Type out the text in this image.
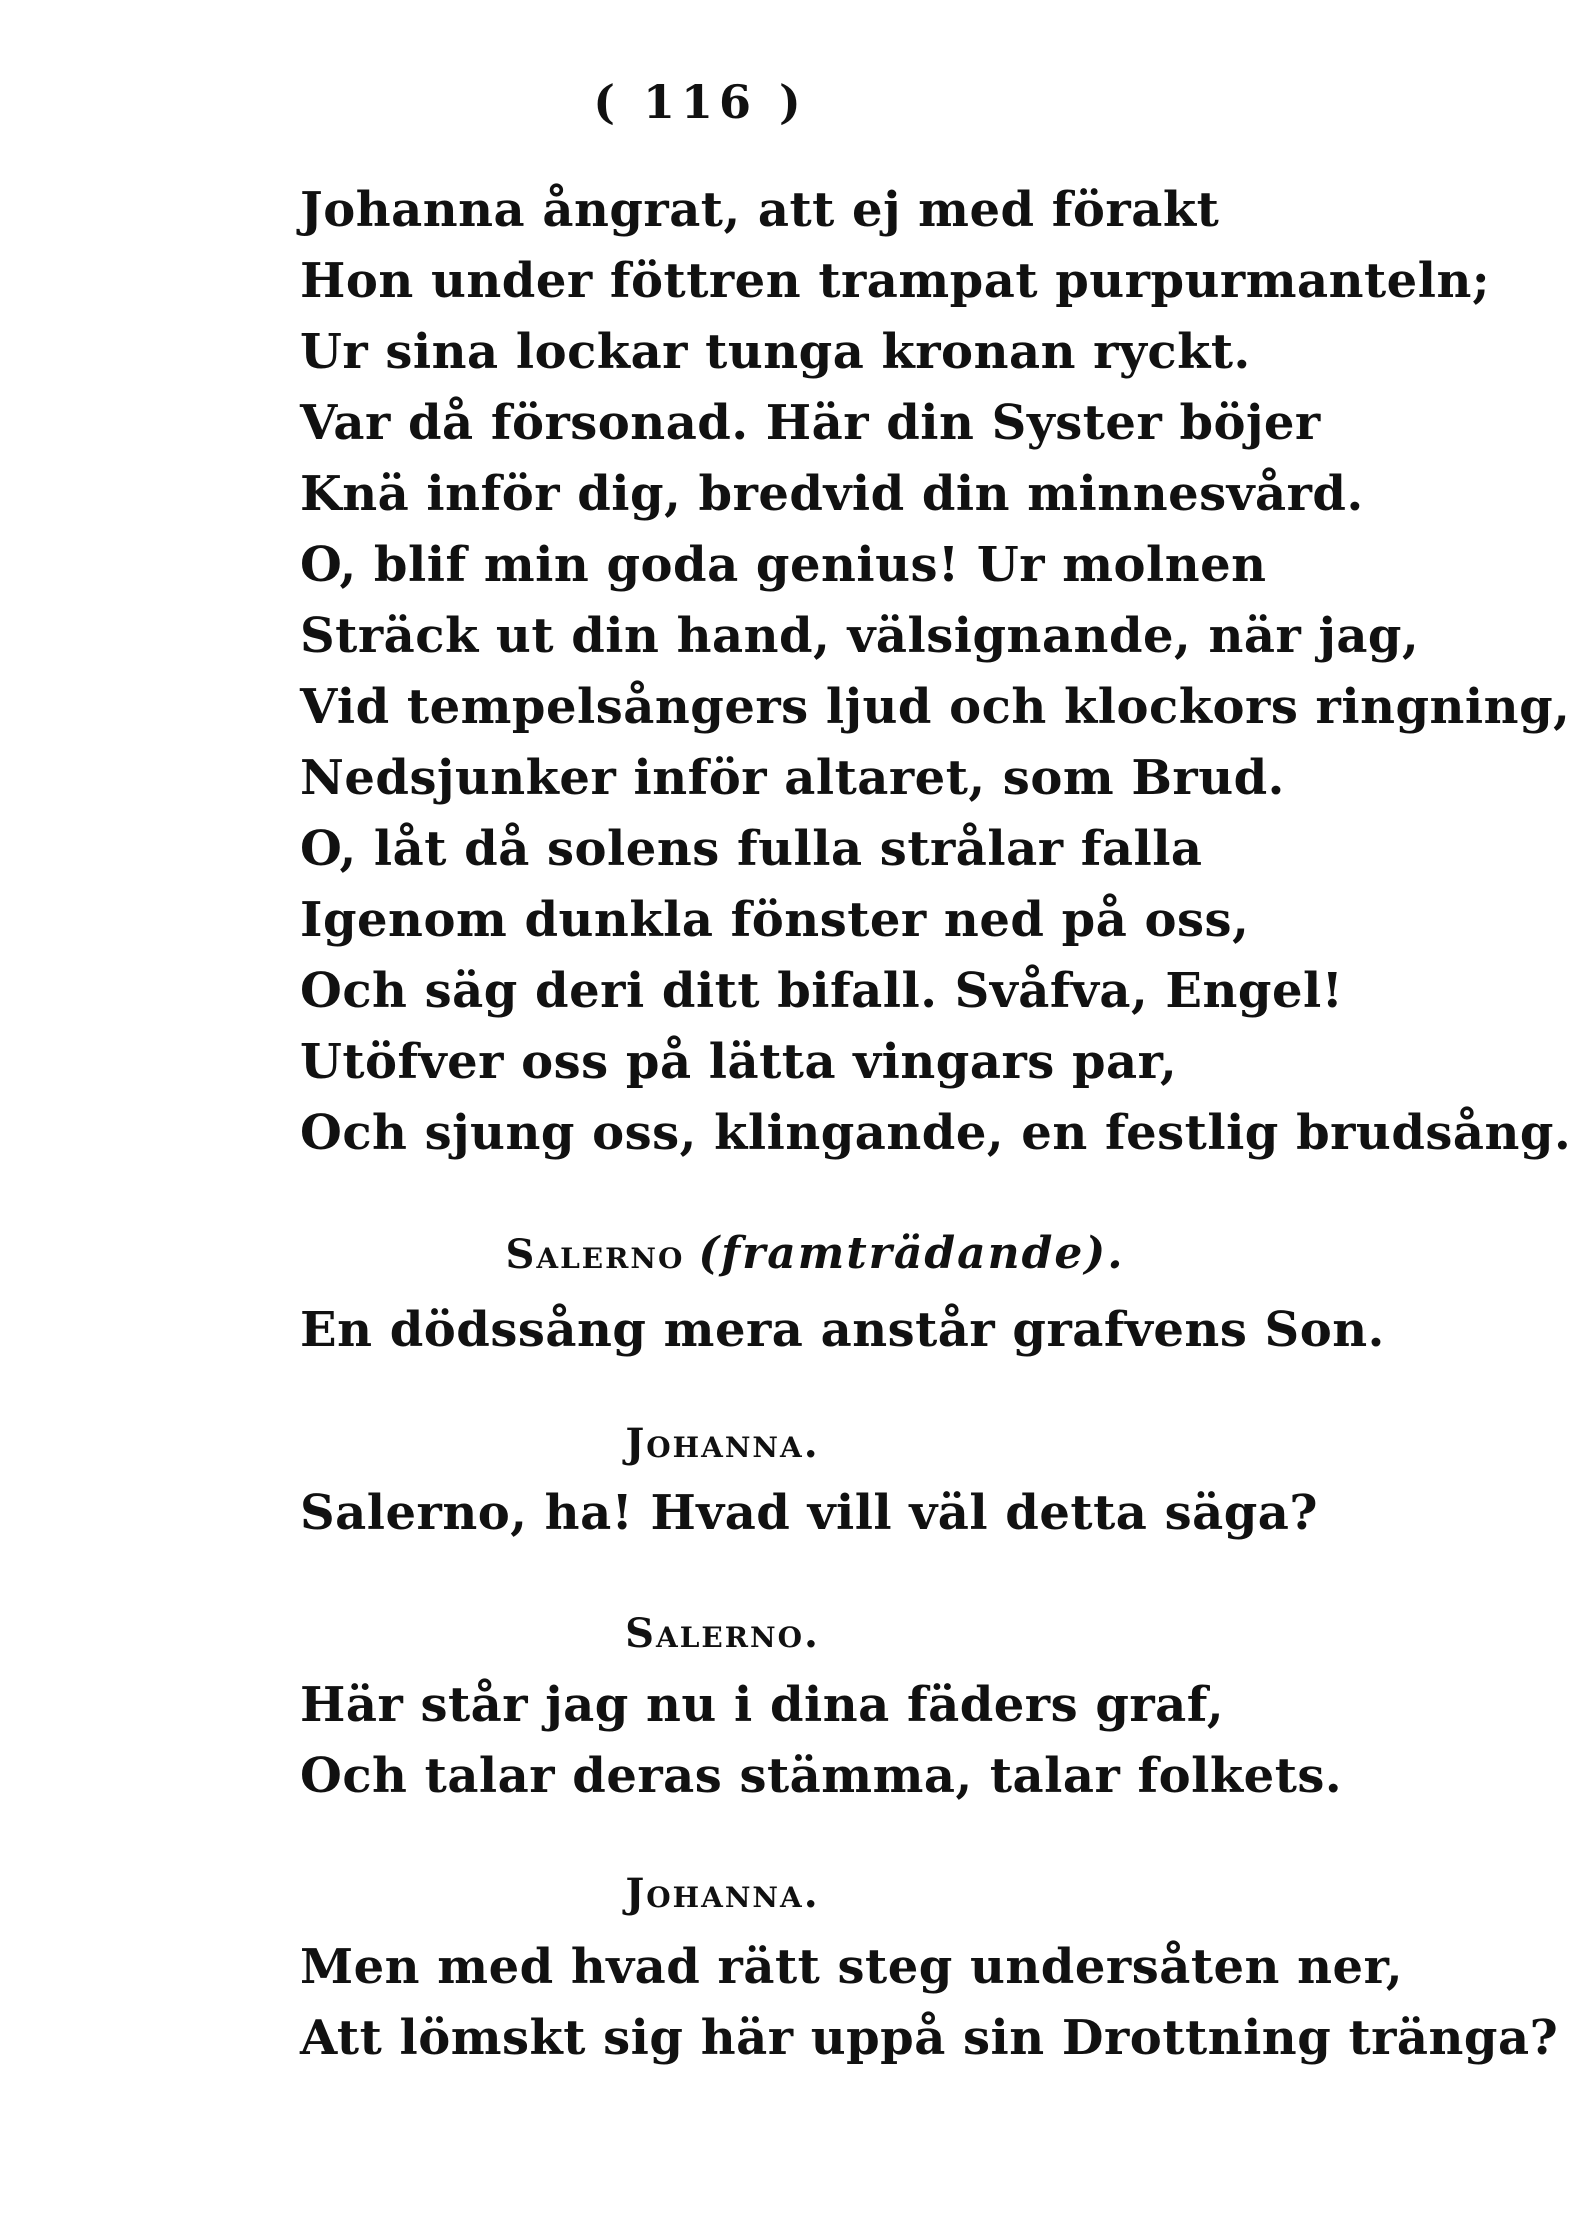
( 116 )
Johanna ångrat, att ej med förakt
Hon under föttren trampat purpurmanteln;
Ur sina lockar tunga kronan ryckt.
Var då försonad. Här din Syster böjer
Knä inför dig, bredvid din minnesvård.
O, blif min goda genius! Ur molnen
Sträck ut din hand, välsignande, när jag,
Vid tempelsångers ljud och klockors ringning,
Nedsjunker inför altaret, som Brud.
O, låt då solens fulla strålar falla
Igenom dunkla fönster ned på oss,
Och säg deri ditt bifall. Svåfva, Engel!
Utöfver oss på lätta vingars par,
Och sjung oss, klingande, en festlig brudsång.
Salerno (framträdande).
En dödssång mera anstår grafvens Son.
Johanna.
Salerno, ha! Hvad vill väl detta säga?
Salerno.
Här står jag nu i dina fäders graf,
Och talar deras stämma, talar folkets.
Johanna.
Men med hvad rätt steg undersåten ner,
Att lömskt sig här uppå sin Drottning tränga?
